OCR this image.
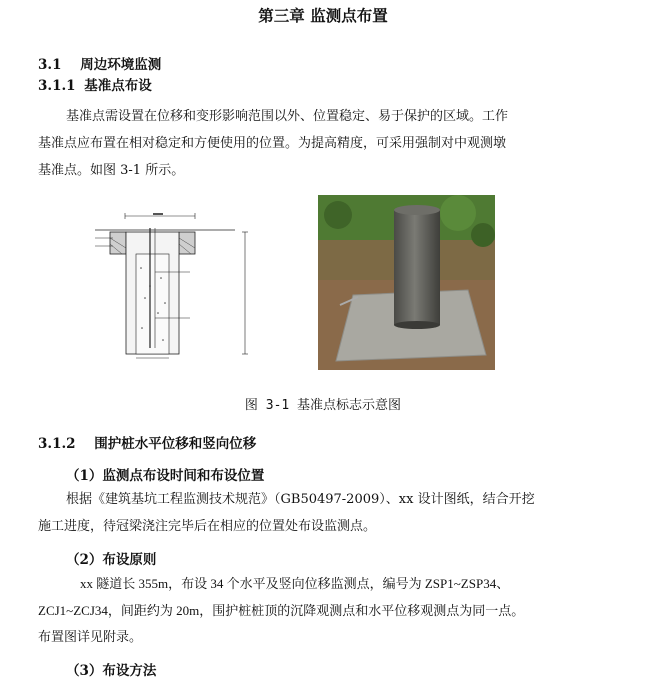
第三章 监测点布置
3.1 周边环境监测
3.1.1 基准点布设
基准点需设置在位移和变形影响范围以外、位置稳定、易于保护的区域。工作
基准点应布置在相对稳定和方便使用的位置。为提高精度，可采用强制对中观测墩
基准点。如图 3-1 所示。
图 3-1 基准点标志示意图
3.1.2 围护桩水平位移和竖向位移
（1）监测点布设时间和布设位置
根据《建筑基坑工程监测技术规范》（GB50497-2009）、xx 设计图纸，结合开挖
施工进度，待冠梁浇注完毕后在相应的位置处布设监测点。
（2）布设原则
xx 隧道长 355m，布设 34 个水平及竖向位移监测点，编号为 ZSP1~ZSP34、
ZCJ1~ZCJ34，间距约为 20m，围护桩桩顶的沉降观测点和水平位移观测点为同一点。
布置图详见附录。
（3）布设方法
